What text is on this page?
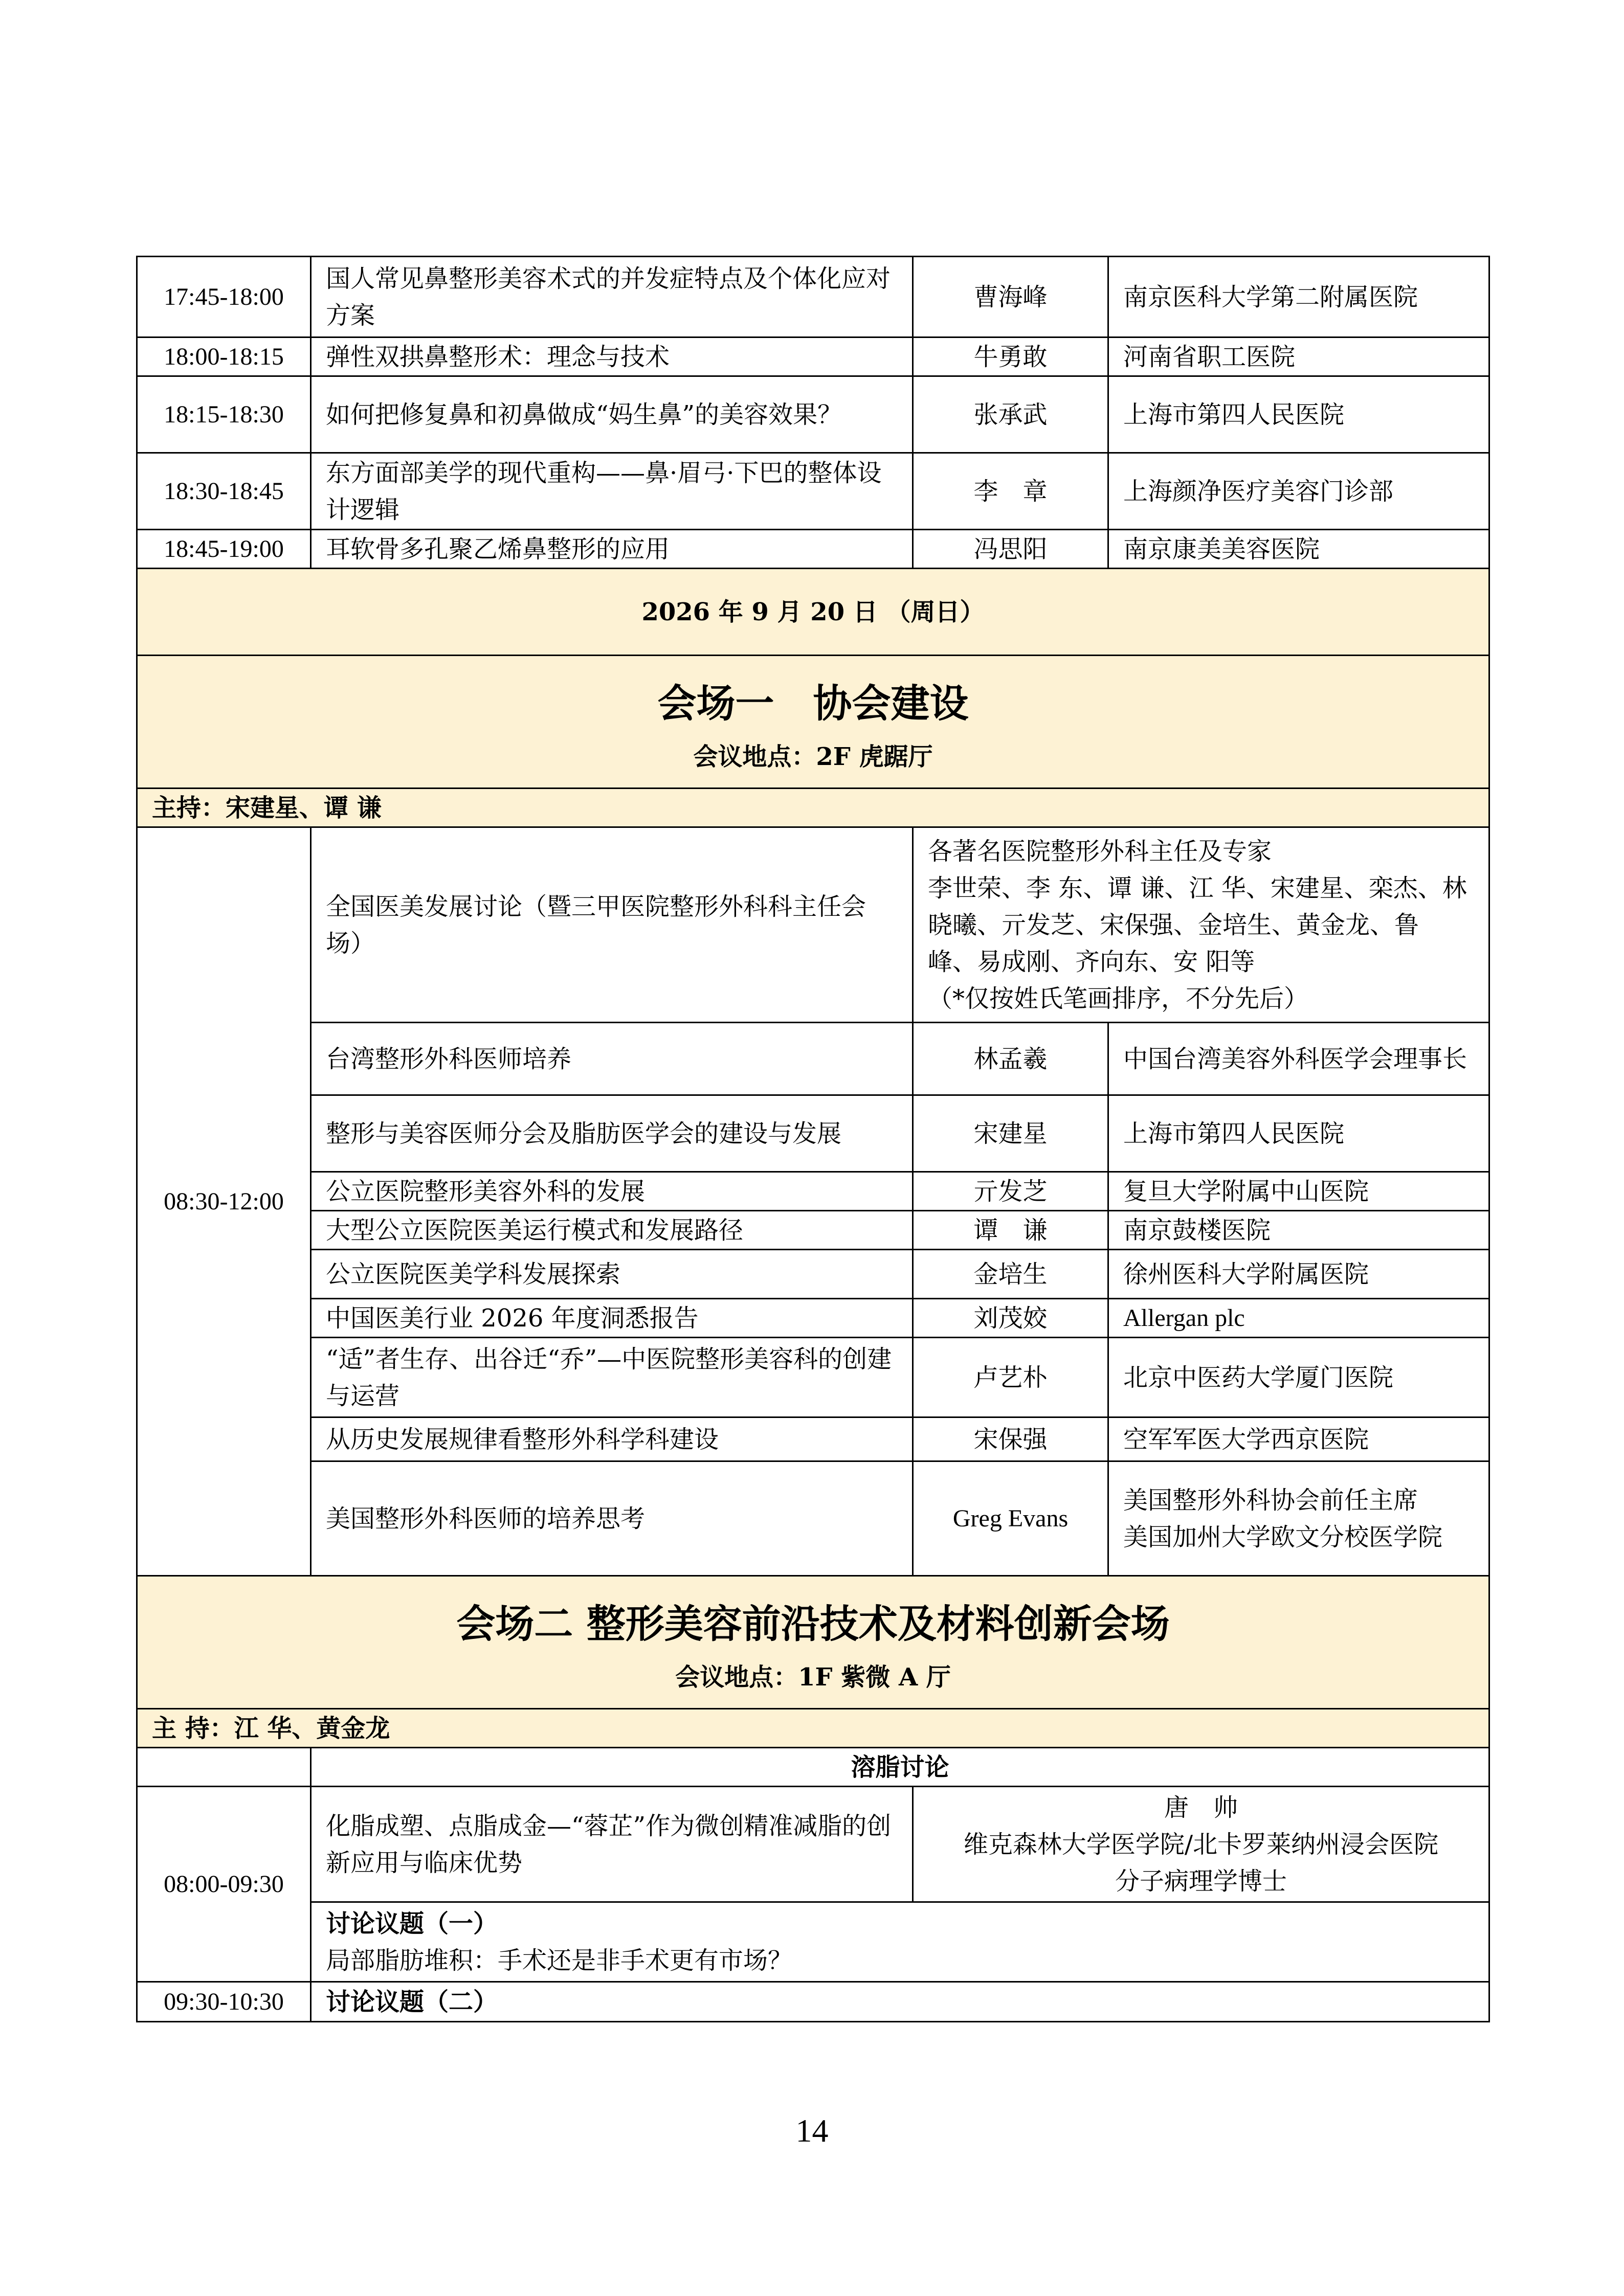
17:45-18:00	国人常见鼻整形美容术式的并发症特点及个体化应对方案	曹海峰	南京医科大学第二附属医院
18:00-18:15	弹性双拱鼻整形术：理念与技术	牛勇敢	河南省职工医院
18:15-18:30	如何把修复鼻和初鼻做成“妈生鼻”的美容效果？	张承武	上海市第四人民医院
18:30-18:45	东方面部美学的现代重构——鼻·眉弓·下巴的整体设计逻辑	李　章	上海颜净医疗美容门诊部
18:45-19:00	耳软骨多孔聚乙烯鼻整形的应用	冯思阳	南京康美美容医院
2026 年 9 月 20 日 （周日）			

会场一　协会建设
会议地点：2F 虎踞厅			

主持：宋建星、谭 谦			
08:30-12:00	全国医美发展讨论（暨三甲医院整形外科科主任会场）	各著名医院整形外科主任及专家
李世荣、李 东、谭 谦、江 华、宋建星、栾杰、林晓曦、亓发芝、宋保强、金培生、黄金龙、鲁 峰、易成刚、齐向东、安 阳等
（*仅按姓氏笔画排序，不分先后）	

	台湾整形外科医师培养	林孟羲	中国台湾美容外科医学会理事长
	整形与美容医师分会及脂肪医学会的建设与发展	宋建星	上海市第四人民医院
	公立医院整形美容外科的发展	亓发芝	复旦大学附属中山医院
	大型公立医院医美运行模式和发展路径	谭　谦	南京鼓楼医院
	公立医院医美学科发展探索	金培生	徐州医科大学附属医院
	中国医美行业 2026 年度洞悉报告	刘茂姣	Allergan plc
	“适”者生存、出谷迁“乔”—中医院整形美容科的创建与运营	卢艺朴	北京中医药大学厦门医院
	从历史发展规律看整形外科学科建设	宋保强	空军军医大学西京医院
	美国整形外科医师的培养思考	Greg Evans	美国整形外科协会前任主席
美国加州大学欧文分校医学院

会场二 整形美容前沿技术及材料创新会场
会议地点：1F 紫微 A 厅			

主 持：江 华、黄金龙			
	溶脂讨论		
08:00-09:30	化脂成塑、点脂成金—“蓉芷”作为微创精准减脂的创新应用与临床优势	唐　帅
维克森林大学医学院/北卡罗莱纳州浸会医院
分子病理学博士	

	讨论议题（一）
局部脂肪堆积：手术还是非手术更有市场？		

09:30-10:30	讨论议题（二）		
14
